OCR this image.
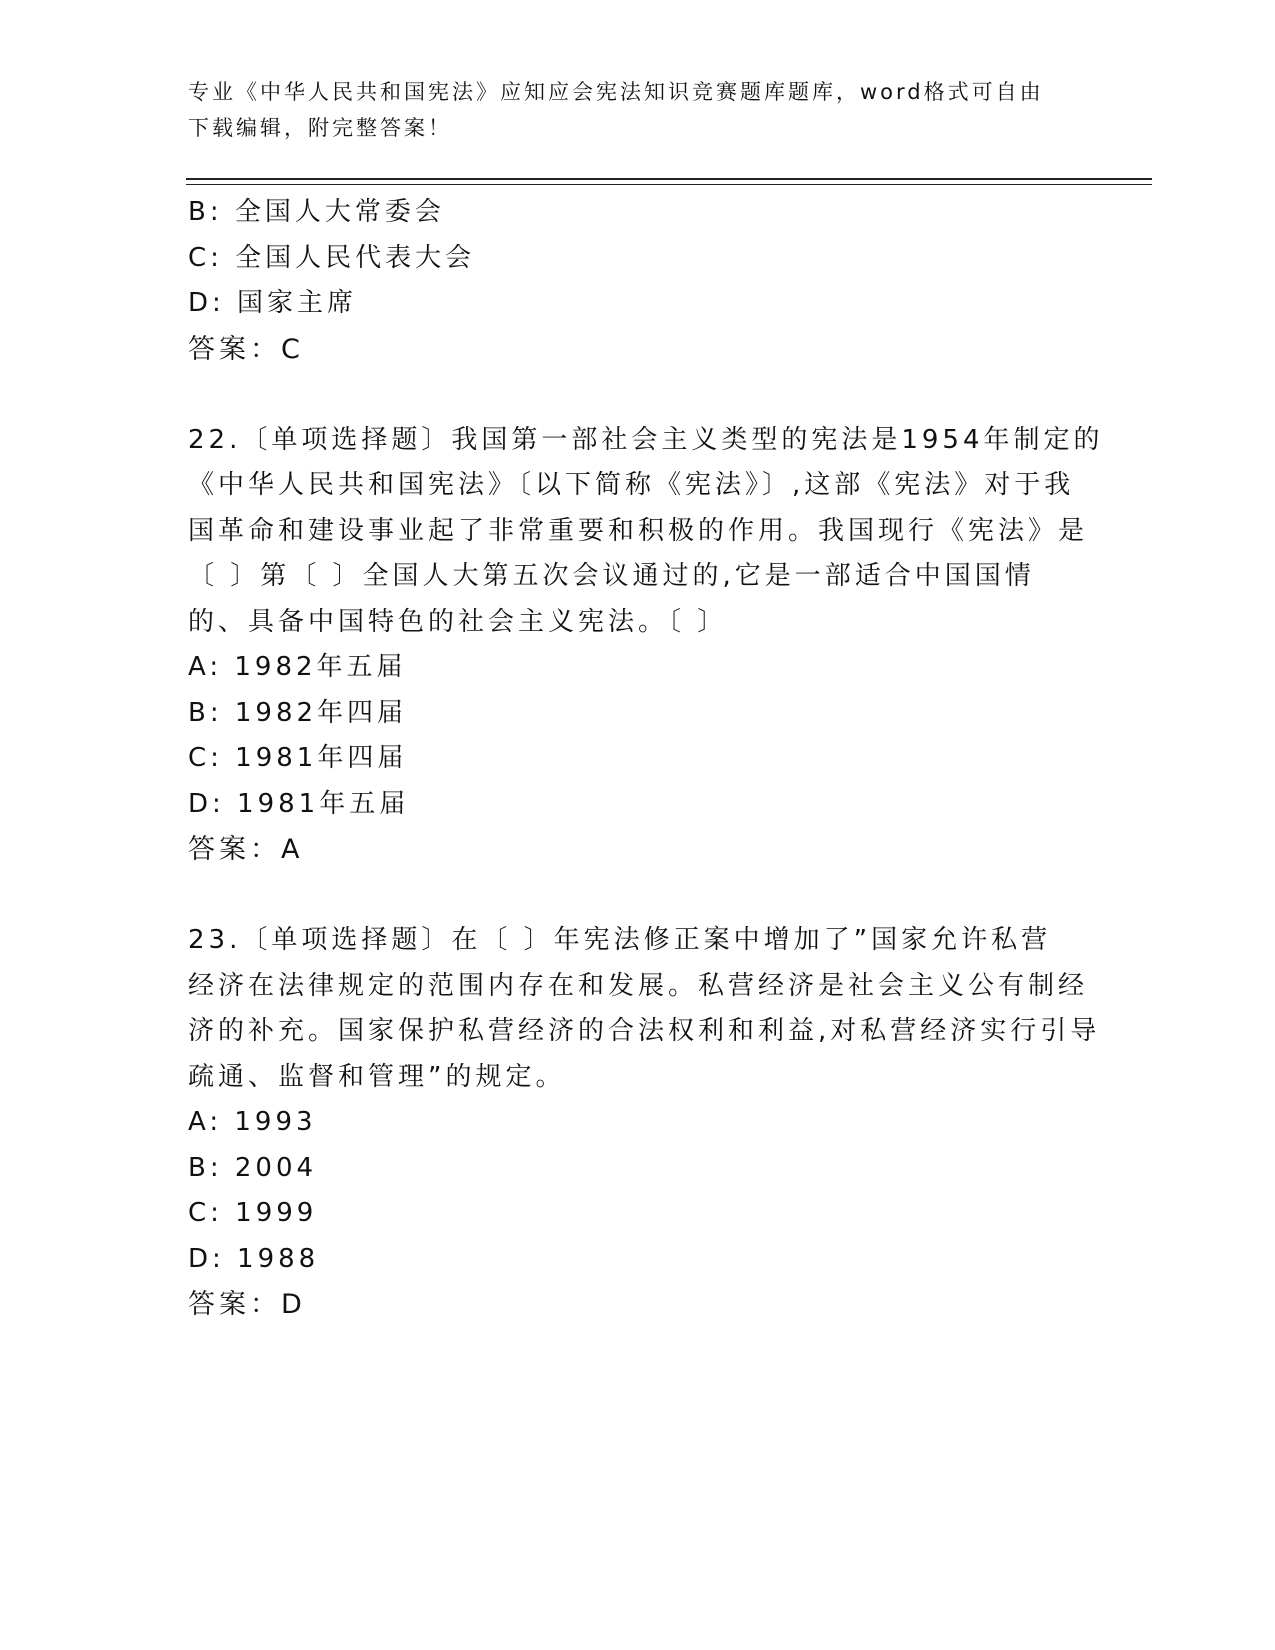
专业《中华人民共和国宪法》应知应会宪法知识竞赛题库题库，word格式可自由
下载编辑，附完整答案！
B: 全国人大常委会
C: 全国人民代表大会
D: 国家主席
答案：C
22.〔单项选择题〕我国第一部社会主义类型的宪法是1954年制定的
《中华人民共和国宪法》〔以下简称《宪法》〕,这部《宪法》对于我
国革命和建设事业起了非常重要和积极的作用。我国现行《宪法》是
〔 〕第〔 〕全国人大第五次会议通过的,它是一部适合中国国情
的、具备中国特色的社会主义宪法。〔 〕
A: 1982年五届
B: 1982年四届
C: 1981年四届
D: 1981年五届
答案：A
23.〔单项选择题〕在〔 〕年宪法修正案中增加了”国家允许私营
经济在法律规定的范围内存在和发展。私营经济是社会主义公有制经
济的补充。国家保护私营经济的合法权利和利益,对私营经济实行引导
疏通、监督和管理”的规定。
A: 1993
B: 2004
C: 1999
D: 1988
答案：D
